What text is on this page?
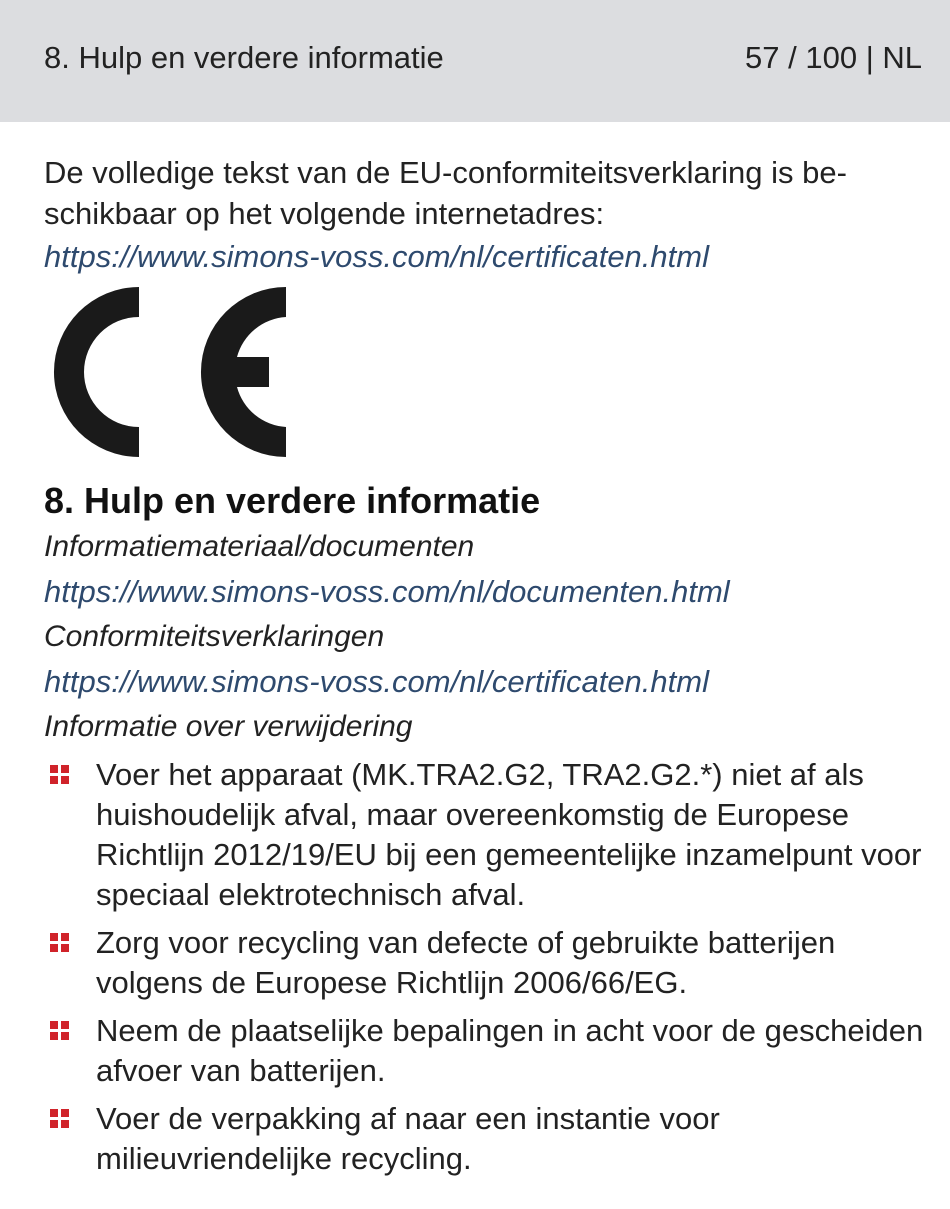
8. Hulp en verdere informatie	57 / 100 | NL

De volledige tekst van de EU-conformiteitsverklaring is be-schikbaar op het volgende internetadres:

https://www.simons-voss.com/nl/certificaten.html
8. Hulp en verdere informatie
Informatiemateriaal/documenten
https://www.simons-voss.com/nl/documenten.html
Conformiteitsverklaringen
https://www.simons-voss.com/nl/certificaten.html
Informatie over verwijdering
Voer het apparaat (MK.TRA2.G2, TRA2.G2.*) niet af als huishoudelijk afval, maar overeenkomstig de Europese Richtlijn 2012/19/EU bij een gemeentelijke inzamelpunt voor speciaal elektrotechnisch afval.
Zorg voor recycling van defecte of gebruikte batterijen volgens de Europese Richtlijn 2006/66/EG.
Neem de plaatselijke bepalingen in acht voor de gescheiden afvoer van batterijen.
Voer de verpakking af naar een instantie voor milieuvriendelijke recycling.
